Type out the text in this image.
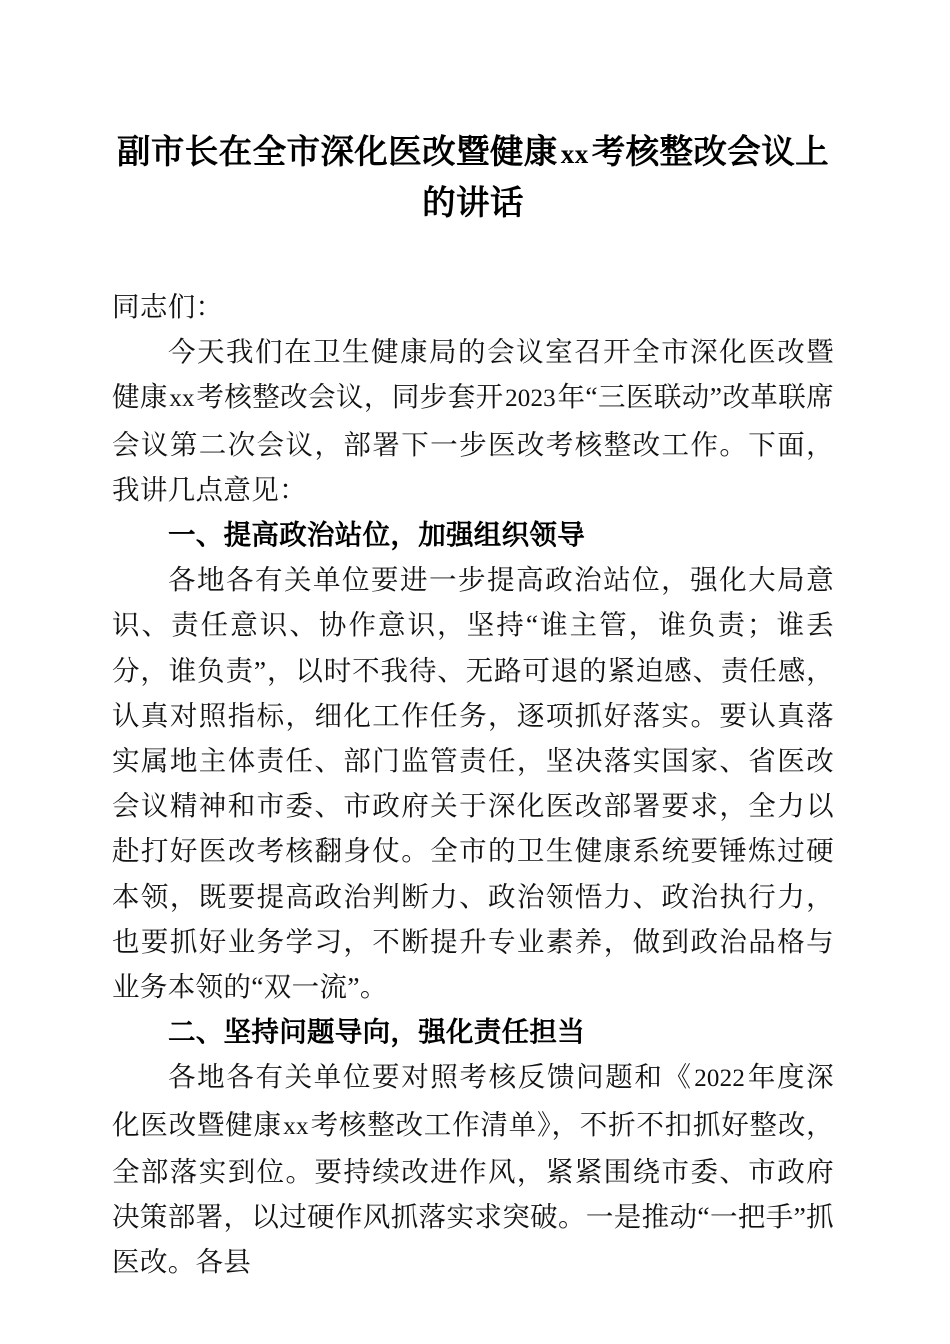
副市长在全市深化医改暨健康 xx考核整改会议上的讲话

同志们：

今天我们在卫生健康局的会议室召开全市深化医改暨健康xx考核整改会议，同步套开2023年“三医联动”改革联席会议第二次会议，部署下一步医改考核整改工作。下面，我讲几点意见：

一、提高政治站位，加强组织领导

各地各有关单位要进一步提高政治站位，强化大局意识、责任意识、协作意识，坚持“谁主管，谁负责；谁丢分，谁负责”，以时不我待、无路可退的紧迫感、责任感，认真对照指标，细化工作任务，逐项抓好落实。要认真落实属地主体责任、部门监管责任，坚决落实国家、省医改会议精神和市委、市政府关于深化医改部署要求，全力以赴打好医改考核翻身仗。全市的卫生健康系统要锤炼过硬本领，既要提高政治判断力、政治领悟力、政治执行力，也要抓好业务学习，不断提升专业素养，做到政治品格与业务本领的“双一流”。

二、坚持问题导向，强化责任担当

各地各有关单位要对照考核反馈问题和《2022年度深化医改暨健康xx考核整改工作清单》，不折不扣抓好整改，全部落实到位。要持续改进作风，紧紧围绕市委、市政府决策部署，以过硬作风抓落实求突破。一是推动“一把手”抓医改。各县
